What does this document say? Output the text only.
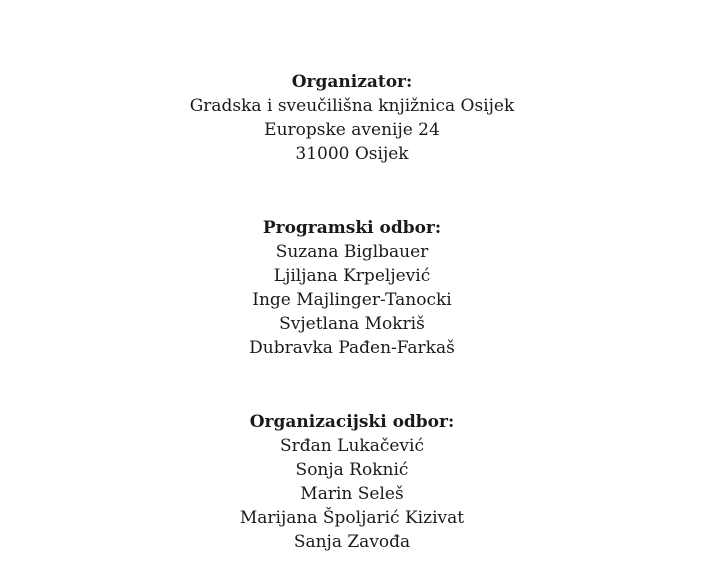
Organizator:
Gradska i sveučilišna knjižnica Osijek
Europske avenije 24
31000 Osijek
Programski odbor:
Suzana Biglbauer
Ljiljana Krpeljević
Inge Majlinger-Tanocki
Svjetlana Mokriš
Dubravka Pađen-Farkaš
Organizacijski odbor:
Srđan Lukačević
Sonja Roknić
Marin Seleš
Marijana Špoljarić Kizivat
Sanja Zavođa
